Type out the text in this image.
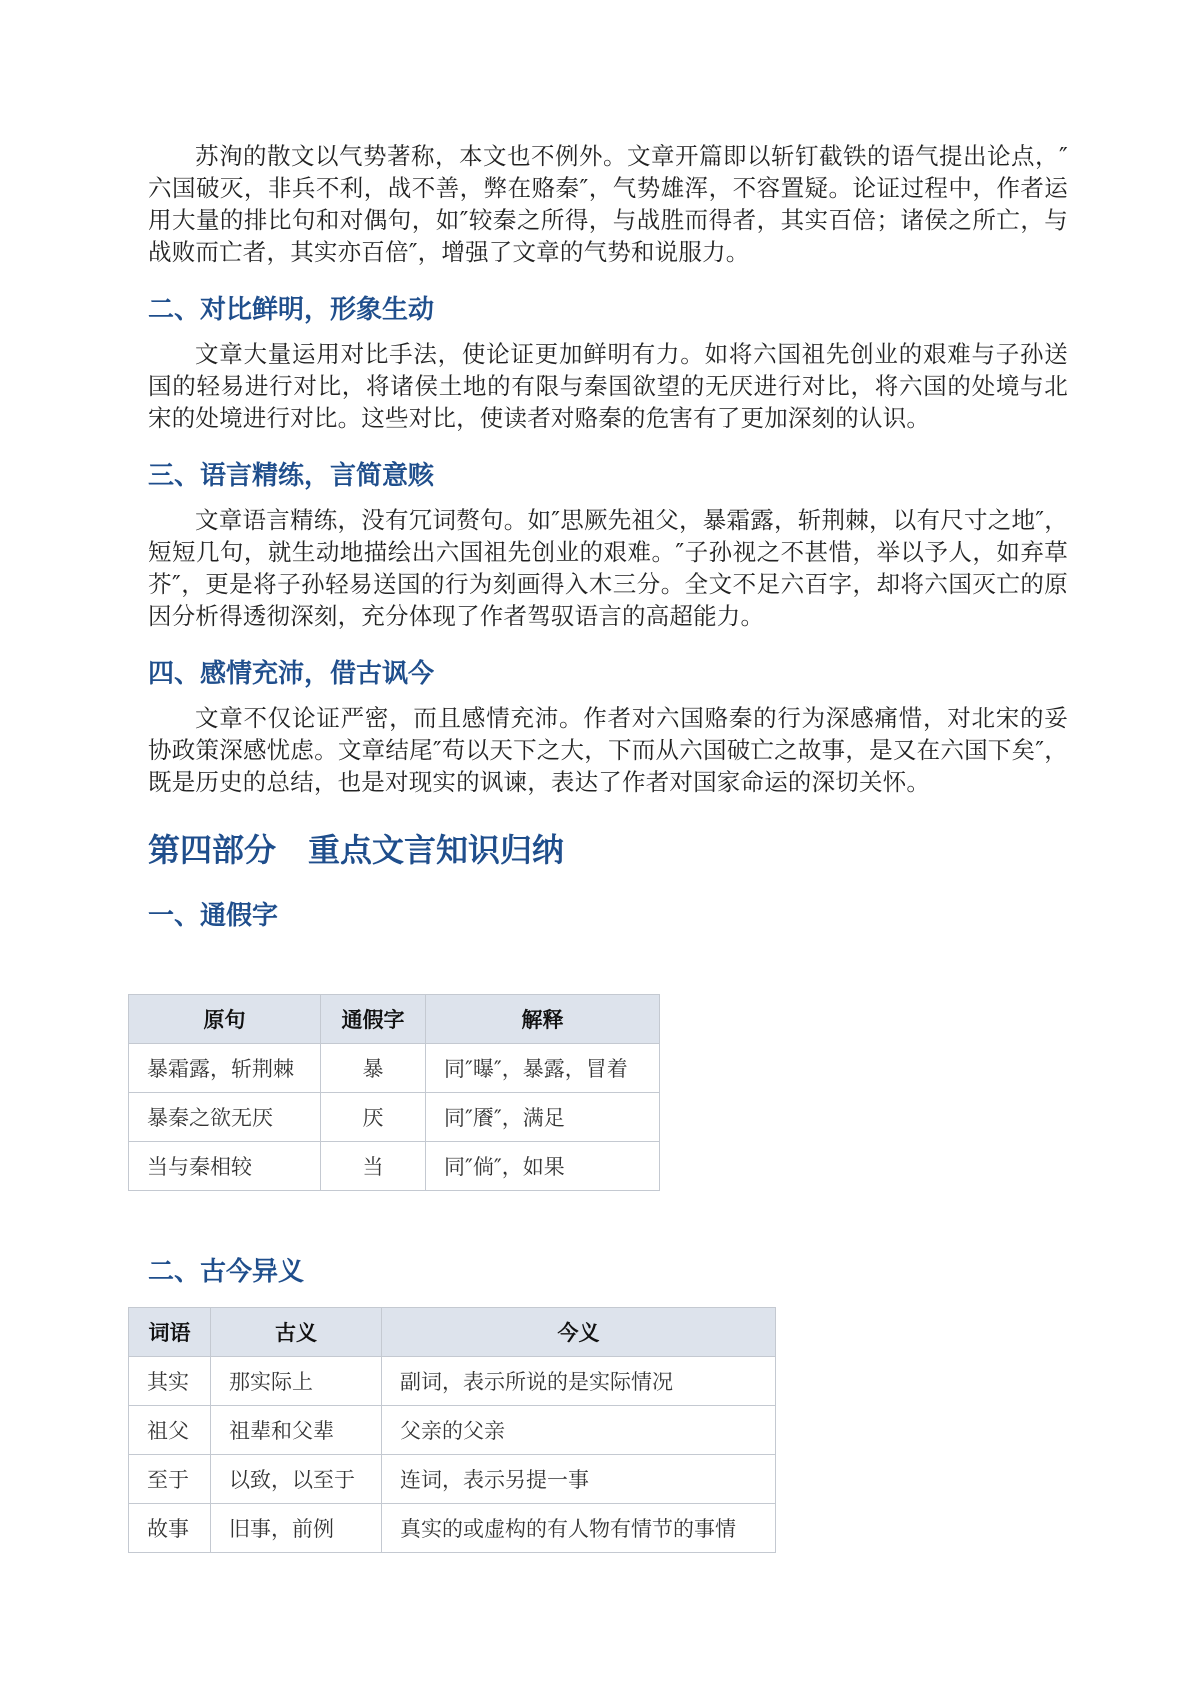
苏洵的散文以气势著称，本文也不例外。文章开篇即以斩钉截铁的语气提出论点，″六国破灭，非兵不利，战不善，弊在赂秦″，气势雄浑，不容置疑。论证过程中，作者运用大量的排比句和对偶句，如″较秦之所得，与战胜而得者，其实百倍；诸侯之所亡，与战败而亡者，其实亦百倍″，增强了文章的气势和说服力。

二、对比鲜明，形象生动

文章大量运用对比手法，使论证更加鲜明有力。如将六国祖先创业的艰难与子孙送国的轻易进行对比，将诸侯土地的有限与秦国欲望的无厌进行对比，将六国的处境与北宋的处境进行对比。这些对比，使读者对赂秦的危害有了更加深刻的认识。

三、语言精练，言简意赅

文章语言精练，没有冗词赘句。如″思厥先祖父，暴霜露，斩荆棘，以有尺寸之地″，短短几句，就生动地描绘出六国祖先创业的艰难。″子孙视之不甚惜，举以予人，如弃草芥″，更是将子孙轻易送国的行为刻画得入木三分。全文不足六百字，却将六国灭亡的原因分析得透彻深刻，充分体现了作者驾驭语言的高超能力。

四、感情充沛，借古讽今

文章不仅论证严密，而且感情充沛。作者对六国赂秦的行为深感痛惜，对北宋的妥协政策深感忧虑。文章结尾″苟以天下之大，下而从六国破亡之故事，是又在六国下矣″，既是历史的总结，也是对现实的讽谏，表达了作者对国家命运的深切关怀。

第四部分 重点文言知识归纳
一、通假字
原句	通假字	解释
暴霜露，斩荆棘	暴	同″曝″，暴露，冒着
暴秦之欲无厌	厌	同″餍″，满足
当与秦相较	当	同″倘″，如果
二、古今异义
词语	古义	今义
其实	那实际上	副词，表示所说的是实际情况
祖父	祖辈和父辈	父亲的父亲
至于	以致，以至于	连词，表示另提一事
故事	旧事，前例	真实的或虚构的有人物有情节的事情
